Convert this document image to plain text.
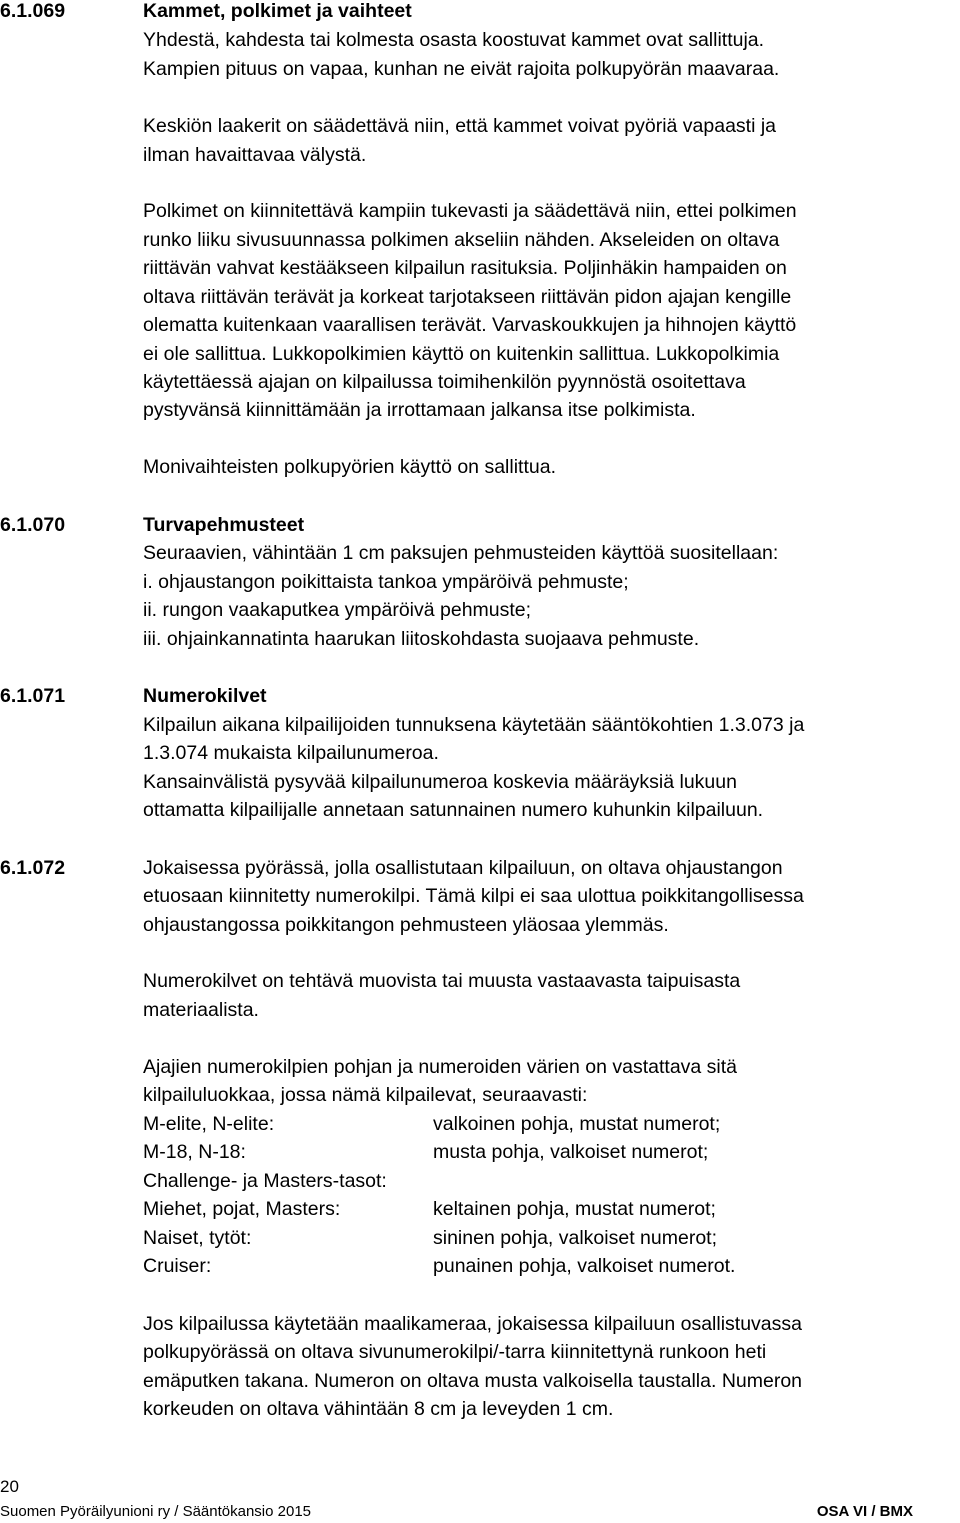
6.1.069	Kammet, polkimet ja vaihteet
Yhdestä, kahdesta tai kolmesta osasta koostuvat kammet ovat sallittuja.
Kampien pituus on vapaa, kunhan ne eivät rajoita polkupyörän maavaraa.
Keskiön laakerit on säädettävä niin, että kammet voivat pyöriä vapaasti ja
ilman havaittavaa välystä.
Polkimet on kiinnitettävä kampiin tukevasti ja säädettävä niin, ettei polkimen
runko liiku sivusuunnassa polkimen akseliin nähden. Akseleiden on oltava
riittävän vahvat kestääkseen kilpailun rasituksia. Poljinhäkin hampaiden on
oltava riittävän terävät ja korkeat tarjotakseen riittävän pidon ajajan kengille
olematta kuitenkaan vaarallisen terävät. Varvaskoukkujen ja hihnojen käyttö
ei ole sallittua. Lukkopolkimien käyttö on kuitenkin sallittua. Lukkopolkimia
käytettäessä ajajan on kilpailussa toimihenkilön pyynnöstä osoitettava
pystyvänsä kiinnittämään ja irrottamaan jalkansa itse polkimista.
Monivaihteisten polkupyörien käyttö on sallittua.
6.1.070	Turvapehmusteet
Seuraavien, vähintään 1 cm paksujen pehmusteiden käyttöä suositellaan:
i. ohjaustangon poikittaista tankoa ympäröivä pehmuste;
ii. rungon vaakaputkea ympäröivä pehmuste;
iii. ohjainkannatinta haarukan liitoskohdasta suojaava pehmuste.
6.1.071	Numerokilvet
Kilpailun aikana kilpailijoiden tunnuksena käytetään sääntökohtien 1.3.073 ja
1.3.074 mukaista kilpailunumeroa.
Kansainvälistä pysyvää kilpailunumeroa koskevia määräyksiä lukuun
ottamatta kilpailijalle annetaan satunnainen numero kuhunkin kilpailuun.
6.1.072	Jokaisessa pyörässä, jolla osallistutaan kilpailuun, on oltava ohjaustangon
etuosaan kiinnitetty numerokilpi. Tämä kilpi ei saa ulottua poikkitangollisessa
ohjaustangossa poikkitangon pehmusteen yläosaa ylemmäs.
Numerokilvet on tehtävä muovista tai muusta vastaavasta taipuisasta
materiaalista.
Ajajien numerokilpien pohjan ja numeroiden värien on vastattava sitä
kilpailuluokkaa, jossa nämä kilpailevat, seuraavasti:
M-elite, N-elite:	valkoinen pohja, mustat numerot;
M-18, N-18:	musta pohja, valkoiset numerot;
Challenge- ja Masters-tasot:
Miehet, pojat, Masters:	keltainen pohja, mustat numerot;
Naiset, tytöt:	sininen pohja, valkoiset numerot;
Cruiser:	punainen pohja, valkoiset numerot.
Jos kilpailussa käytetään maalikameraa, jokaisessa kilpailuun osallistuvassa
polkupyörässä on oltava sivunumerokilpi/-tarra kiinnitettynä runkoon heti
emäputken takana. Numeron on oltava musta valkoisella taustalla. Numeron
korkeuden on oltava vähintään 8 cm ja leveyden 1 cm.
20
Suomen Pyöräilyunioni ry / Sääntökansio 2015	OSA VI / BMX
